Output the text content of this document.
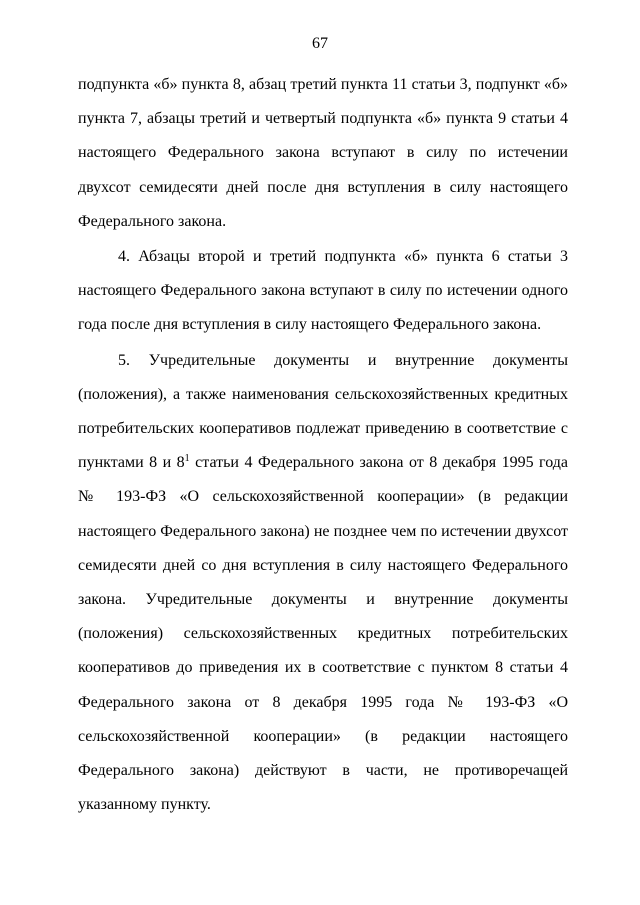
67

подпункта «б» пункта 8, абзац третий пункта 11 статьи 3, подпункт «б» пункта 7, абзацы третий и четвертый подпункта «б» пункта 9 статьи 4 настоящего Федерального закона вступают в силу по истечении двухсот семидесяти дней после дня вступления в силу настоящего Федерального закона.

4. Абзацы второй и третий подпункта «б» пункта 6 статьи 3 настоящего Федерального закона вступают в силу по истечении одного года после дня вступления в силу настоящего Федерального закона.

5. Учредительные документы и внутренние документы (положения), а также наименования сельскохозяйственных кредитных потребительских кооперативов подлежат приведению в соответствие с пунктами 8 и $8^1$ статьи 4 Федерального закона от 8 декабря 1995 года № 193-ФЗ «О сельскохозяйственной кооперации» (в редакции настоящего Федерального закона) не позднее чем по истечении двухсот семидесяти дней со дня вступления в силу настоящего Федерального закона. Учредительные документы и внутренние документы (положения) сельскохозяйственных кредитных потребительских кооперативов до приведения их в соответствие с пунктом 8 статьи 4 Федерального закона от 8 декабря 1995 года № 193-ФЗ «О сельскохозяйственной кооперации» (в редакции настоящего Федерального закона) действуют в части, не противоречащей указанному пункту.
